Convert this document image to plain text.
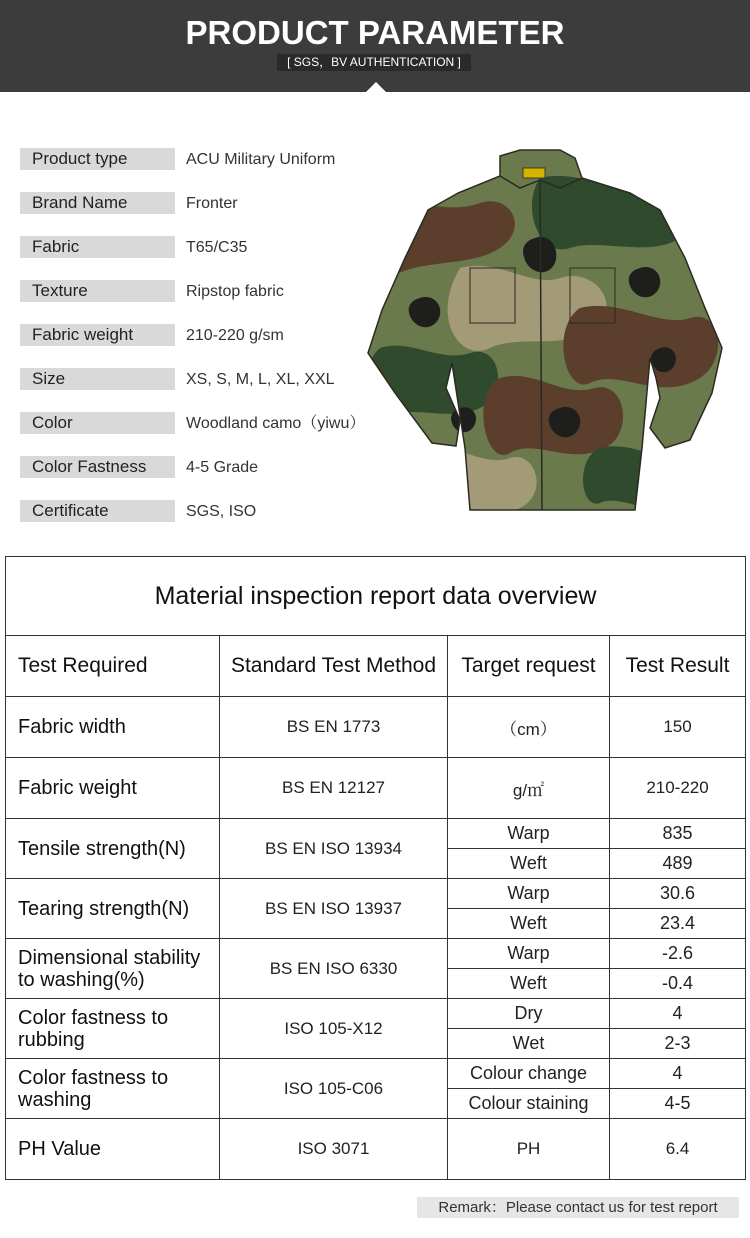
PRODUCT PARAMETER
[ SGS，BV AUTHENTICATION ]
Product type	ACU Military Uniform
Brand Name	Fronter
Fabric	T65/C35
Texture	Ripstop fabric
Fabric weight	210-220 g/sm
Size	XS, S, M, L, XL, XXL
Color	Woodland camo（yiwu）
Color Fastness	4-5 Grade
Certificate	SGS, ISO
Material inspection report data overview			
Test Required	Standard Test Method	Target request	Test Result
Fabric width	BS EN 1773	（cm）	150
Fabric weight	BS EN 12127	g/㎡	210-220
Tensile strength(N)	BS EN ISO 13934	Warp	835
		Weft	489
Tearing strength(N)	BS EN ISO 13937	Warp	30.6
		Weft	23.4
Dimensional stability to washing(%)	BS EN ISO 6330	Warp	-2.6
		Weft	-0.4
Color fastness to rubbing	ISO 105-X12	Dry	4
		Wet	2-3
Color fastness to washing	ISO 105-C06	Colour change	4
		Colour staining	4-5
PH Value	ISO 3071	PH	6.4
Remark：Please contact us for test report
